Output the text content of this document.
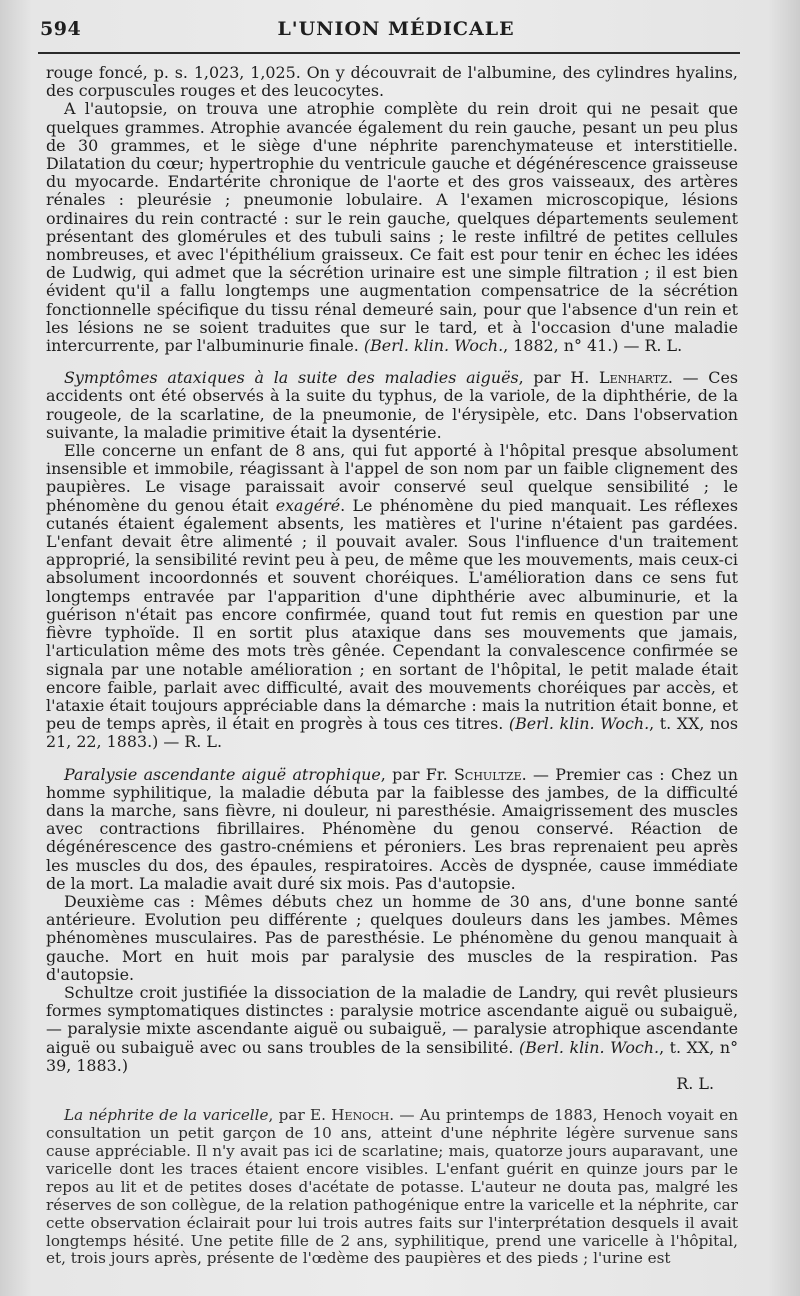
594	L'UNION MÉDICALE

rouge foncé, p. s. 1,023, 1,025. On y découvrait de l'albumine, des cylindres hyalins, des corpuscules rouges et des leucocytes.

A l'autopsie, on trouva une atrophie complète du rein droit qui ne pesait que quelques grammes. Atrophie avancée également du rein gauche, pesant un peu plus de 30 grammes, et le siège d'une néphrite parenchymateuse et interstitielle. Dilatation du cœur; hypertrophie du ventricule gauche et dégénérescence graisseuse du myocarde. Endartérite chronique de l'aorte et des gros vaisseaux, des artères rénales : pleurésie ; pneumonie lobulaire. A l'examen microscopique, lésions ordinaires du rein contracté : sur le rein gauche, quelques départements seulement présentant des glomérules et des tubuli sains ; le reste infiltré de petites cellules nombreuses, et avec l'épithélium graisseux. Ce fait est pour tenir en échec les idées de Ludwig, qui admet que la sécrétion urinaire est une simple filtration ; il est bien évident qu'il a fallu longtemps une augmentation compensatrice de la sécrétion fonctionnelle spécifique du tissu rénal demeuré sain, pour que l'absence d'un rein et les lésions ne se soient traduites que sur le tard, et à l'occasion d'une maladie intercurrente, par l'albuminurie finale. (Berl. klin. Woch., 1882, n° 41.) — R. L.

Symptômes ataxiques à la suite des maladies aiguës, par H. Lenhartz. — Ces accidents ont été observés à la suite du typhus, de la variole, de la diphthérie, de la rougeole, de la scarlatine, de la pneumonie, de l'érysipèle, etc. Dans l'observation suivante, la maladie primitive était la dysentérie.

Elle concerne un enfant de 8 ans, qui fut apporté à l'hôpital presque absolument insensible et immobile, réagissant à l'appel de son nom par un faible clignement des paupières. Le visage paraissait avoir conservé seul quelque sensibilité ; le phénomène du genou était exagéré. Le phénomène du pied manquait. Les réflexes cutanés étaient également absents, les matières et l'urine n'étaient pas gardées. L'enfant devait être alimenté ; il pouvait avaler. Sous l'influence d'un traitement approprié, la sensibilité revint peu à peu, de même que les mouvements, mais ceux-ci absolument incoordonnés et souvent choréiques. L'amélioration dans ce sens fut longtemps entravée par l'apparition d'une diphthérie avec albuminurie, et la guérison n'était pas encore confirmée, quand tout fut remis en question par une fièvre typhoïde. Il en sortit plus ataxique dans ses mouvements que jamais, l'articulation même des mots très gênée. Cependant la convalescence confirmée se signala par une notable amélioration ; en sortant de l'hôpital, le petit malade était encore faible, parlait avec difficulté, avait des mouvements choréiques par accès, et l'ataxie était toujours appréciable dans la démarche : mais la nutrition était bonne, et peu de temps après, il était en progrès à tous ces titres. (Berl. klin. Woch., t. XX, nos 21, 22, 1883.) — R. L.

Paralysie ascendante aiguë atrophique, par Fr. Schultze. — Premier cas : Chez un homme syphilitique, la maladie débuta par la faiblesse des jambes, de la difficulté dans la marche, sans fièvre, ni douleur, ni paresthésie. Amaigrissement des muscles avec contractions fibrillaires. Phénomène du genou conservé. Réaction de dégénérescence des gastro-cnémiens et péroniers. Les bras reprenaient peu après les muscles du dos, des épaules, respiratoires. Accès de dyspnée, cause immédiate de la mort. La maladie avait duré six mois. Pas d'autopsie.

Deuxième cas : Mêmes débuts chez un homme de 30 ans, d'une bonne santé antérieure. Evolution peu différente ; quelques douleurs dans les jambes. Mêmes phénomènes musculaires. Pas de paresthésie. Le phénomène du genou manquait à gauche. Mort en huit mois par paralysie des muscles de la respiration. Pas d'autopsie.

Schultze croit justifiée la dissociation de la maladie de Landry, qui revêt plusieurs formes symptomatiques distinctes : paralysie motrice ascendante aiguë ou subaiguë, — paralysie mixte ascendante aiguë ou subaiguë, — paralysie atrophique ascendante aiguë ou subaiguë avec ou sans troubles de la sensibilité. (Berl. klin. Woch., t. XX, n° 39, 1883.)

R. L.

La néphrite de la varicelle, par E. Henoch. — Au printemps de 1883, Henoch voyait en consultation un petit garçon de 10 ans, atteint d'une néphrite légère survenue sans cause appréciable. Il n'y avait pas ici de scarlatine; mais, quatorze jours auparavant, une varicelle dont les traces étaient encore visibles. L'enfant guérit en quinze jours par le repos au lit et de petites doses d'acétate de potasse. L'auteur ne douta pas, malgré les réserves de son collègue, de la relation pathogénique entre la varicelle et la néphrite, car cette observation éclairait pour lui trois autres faits sur l'interprétation desquels il avait longtemps hésité. Une petite fille de 2 ans, syphilitique, prend une varicelle à l'hôpital, et, trois jours après, présente de l'œdème des paupières et des pieds ; l'urine est
